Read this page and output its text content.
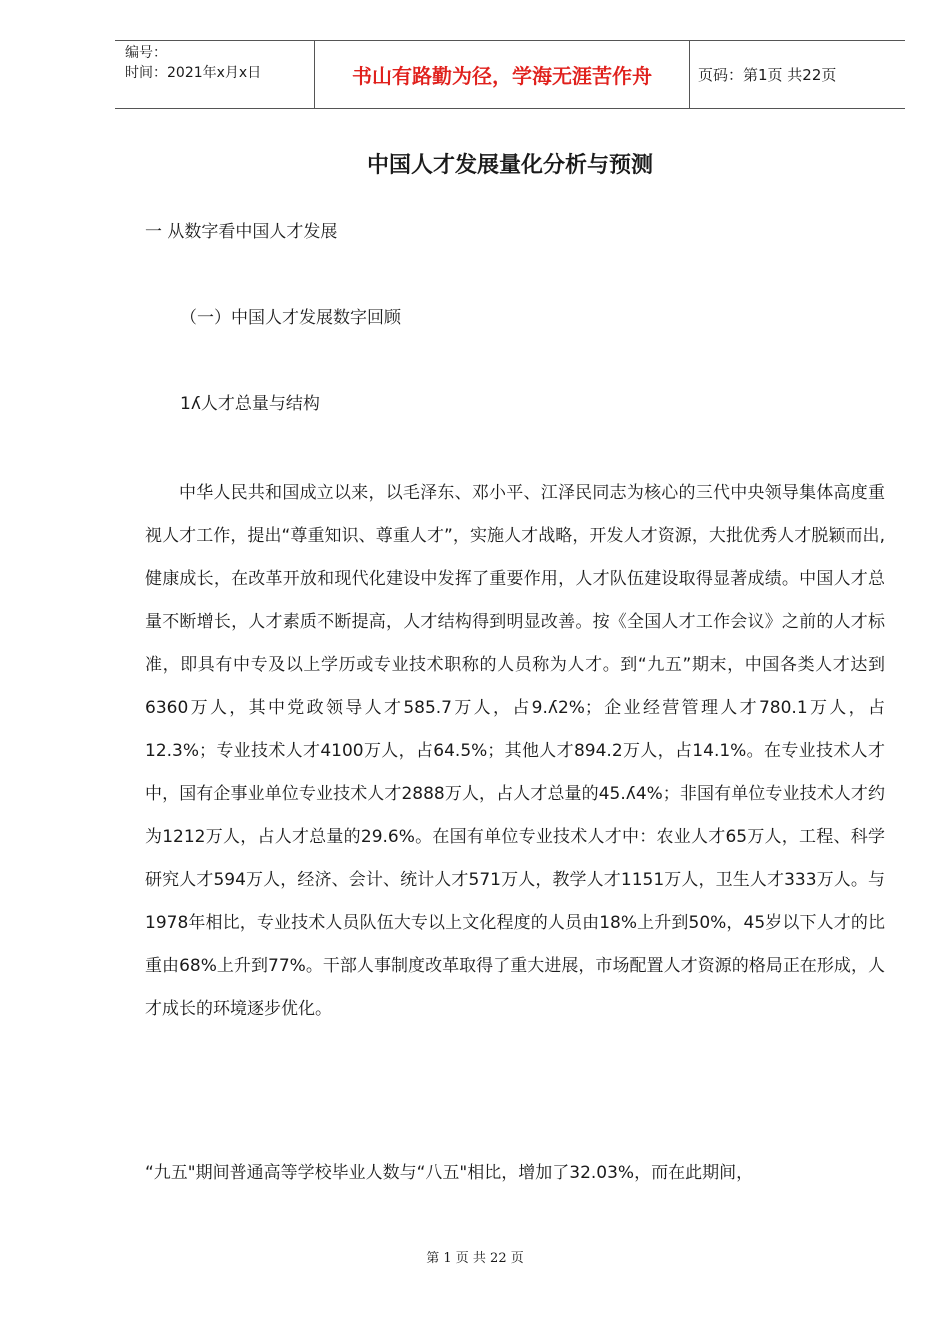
编号：
时间：2021年x月x日	书山有路勤为径，学海无涯苦作舟	页码：第1页 共22页
中国人才发展量化分析与预测
一 从数字看中国人才发展
（一）中国人才发展数字回顾
1ʎ人才总量与结构

中华人民共和国成立以来，以毛泽东、邓小平、江泽民同志为核心的三代中央领导集体高度重视人才工作，提出“尊重知识、尊重人才”，实施人才战略，开发人才资源，大批优秀人才脱颖而出,健康成长，在改革开放和现代化建设中发挥了重要作用，人才队伍建设取得显著成绩。中国人才总量不断增长，人才素质不断提高，人才结构得到明显改善。按《全国人才工作会议》之前的人才标准，即具有中专及以上学历或专业技术职称的人员称为人才。到“九五”期末，中国各类人才达到6360万人，其中党政领导人才585.7万人，占9.ʎ2%；企业经营管理人才780.1万人，占12.3%；专业技术人才4100万人，占64.5%；其他人才894.2万人，占14.1%。在专业技术人才中，国有企事业单位专业技术人才2888万人，占人才总量的45.ʎ4%；非国有单位专业技术人才约为1212万人，占人才总量的29.6%。在国有单位专业技术人才中：农业人才65万人，工程、科学研究人才594万人，经济、会计、统计人才571万人，教学人才1151万人，卫生人才333万人。与1978年相比，专业技术人员队伍大专以上文化程度的人员由18%上升到50%，45岁以下人才的比重由68%上升到77%。干部人事制度改革取得了重大进展，市场配置人才资源的格局正在形成，人才成长的环境逐步优化。

“九五"期间普通高等学校毕业人数与“八五"相比，增加了32.03%，而在此期间，
第 1 页 共 22 页
